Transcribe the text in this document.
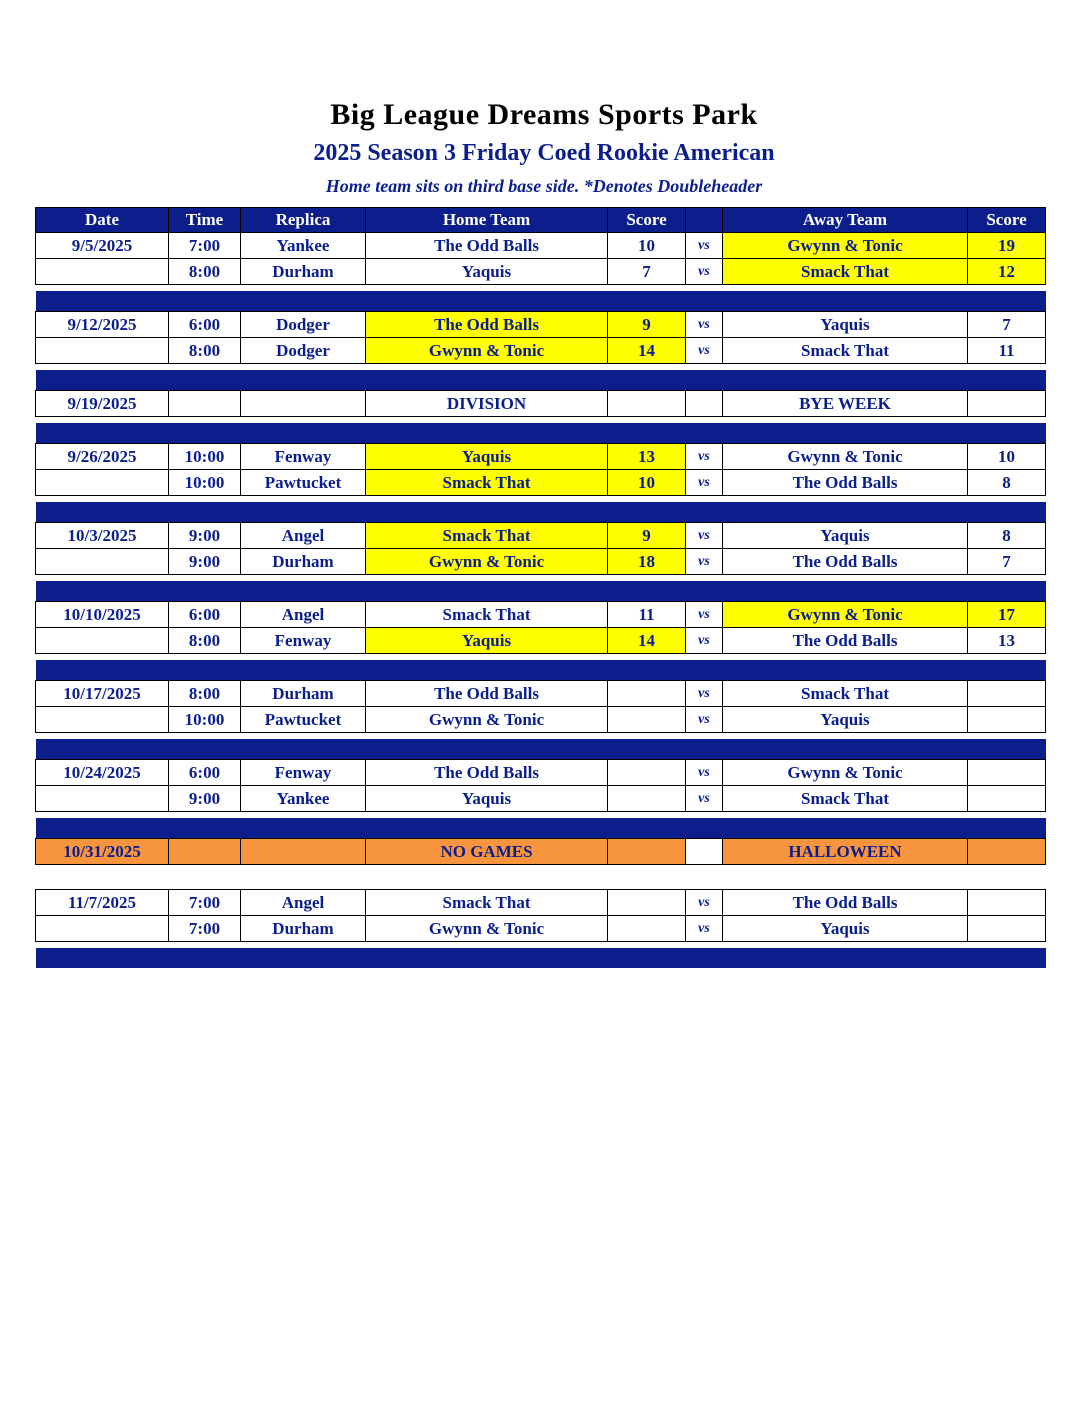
Big League Dreams Sports Park
2025 Season 3 Friday Coed Rookie American
Home team sits on third base side. *Denotes Doubleheader
Date	Time	Replica	Home Team	Score		Away Team	Score
9/5/2025	7:00	Yankee	The Odd Balls	10	vs	Gwynn & Tonic	19
	8:00	Durham	Yaquis	7	vs	Smack That	12

9/12/2025	6:00	Dodger	The Odd Balls	9	vs	Yaquis	7
	8:00	Dodger	Gwynn & Tonic	14	vs	Smack That	11

9/19/2025			DIVISION			BYE WEEK	

9/26/2025	10:00	Fenway	Yaquis	13	vs	Gwynn & Tonic	10
	10:00	Pawtucket	Smack That	10	vs	The Odd Balls	8

10/3/2025	9:00	Angel	Smack That	9	vs	Yaquis	8
	9:00	Durham	Gwynn & Tonic	18	vs	The Odd Balls	7

10/10/2025	6:00	Angel	Smack That	11	vs	Gwynn & Tonic	17
	8:00	Fenway	Yaquis	14	vs	The Odd Balls	13

10/17/2025	8:00	Durham	The Odd Balls		vs	Smack That	
	10:00	Pawtucket	Gwynn & Tonic		vs	Yaquis	

10/24/2025	6:00	Fenway	The Odd Balls		vs	Gwynn & Tonic	
	9:00	Yankee	Yaquis		vs	Smack That	

10/31/2025			NO GAMES			HALLOWEEN	

11/7/2025	7:00	Angel	Smack That		vs	The Odd Balls	
	7:00	Durham	Gwynn & Tonic		vs	Yaquis	
